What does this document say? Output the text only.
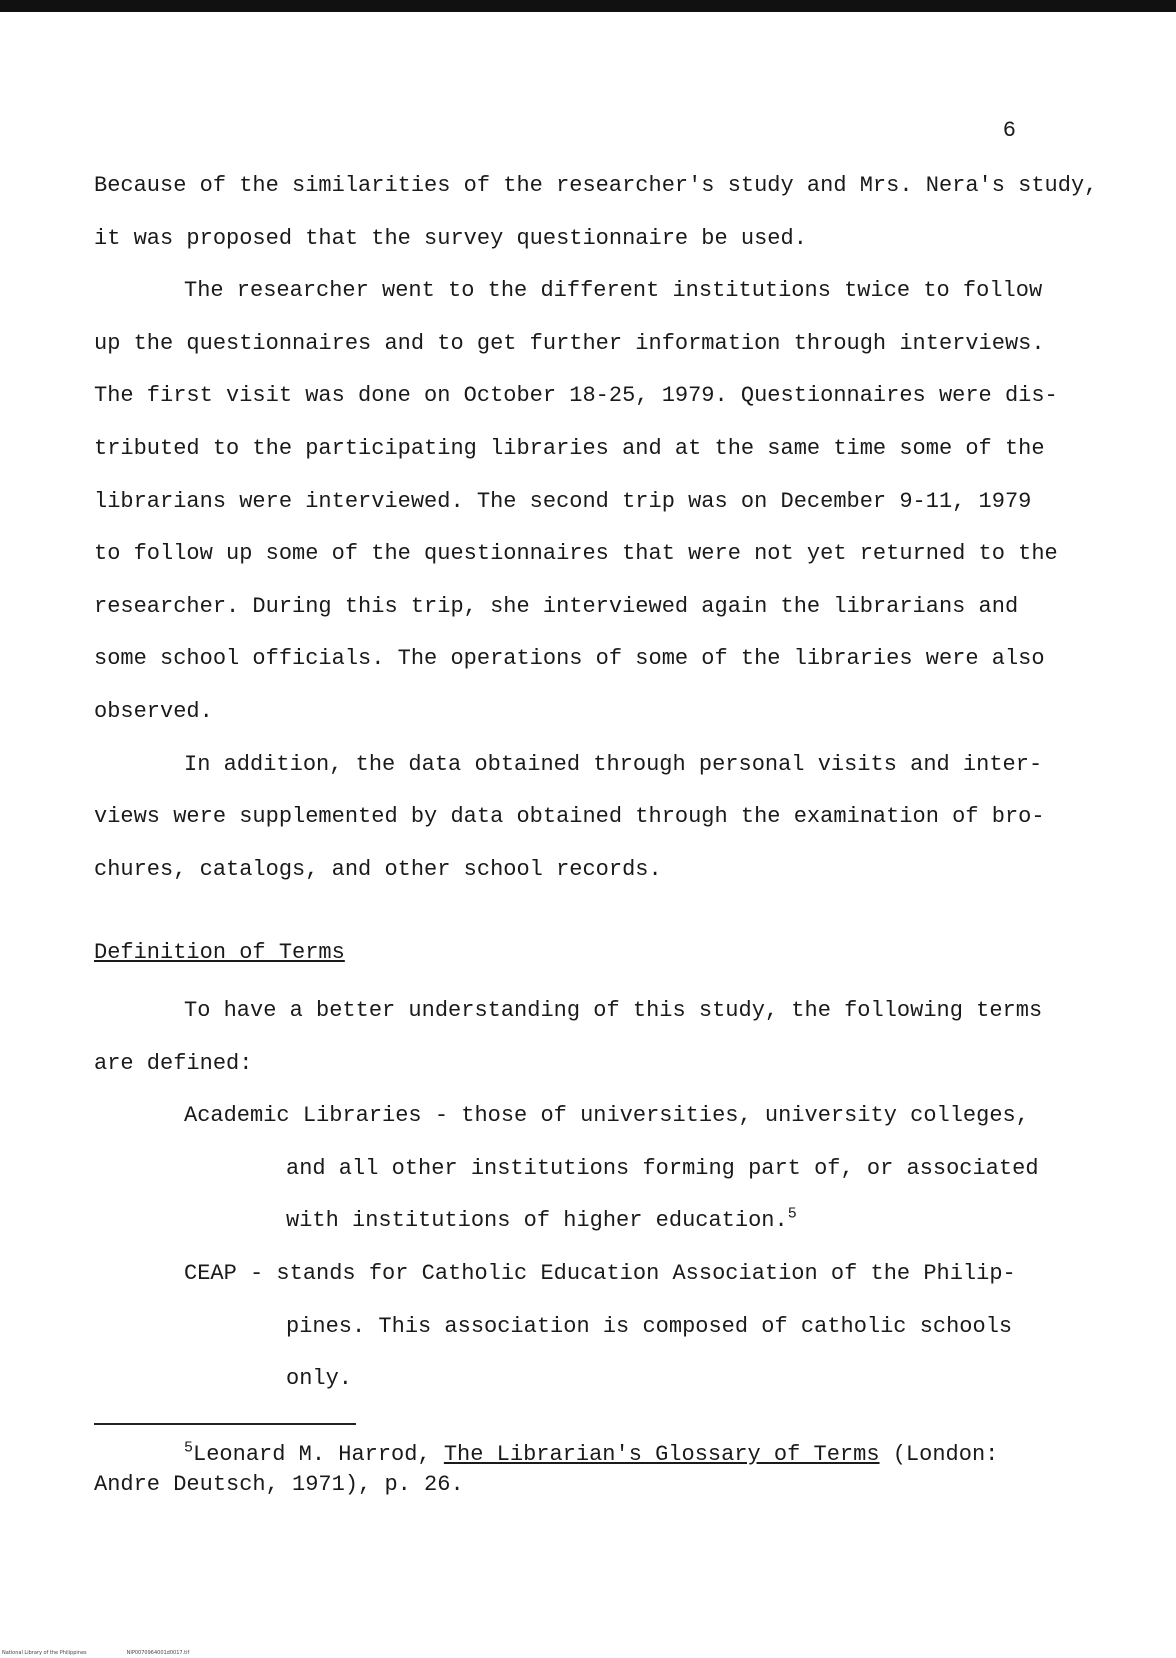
6
Because of the similarities of the researcher's study and Mrs. Nera's study,
it was proposed that the survey questionnaire be used.
The researcher went to the different institutions twice to follow
up the questionnaires and to get further information through interviews.
The first visit was done on October 18-25, 1979. Questionnaires were dis-
tributed to the participating libraries and at the same time some of the
librarians were interviewed. The second trip was on December 9-11, 1979
to follow up some of the questionnaires that were not yet returned to the
researcher. During this trip, she interviewed again the librarians and
some school officials. The operations of some of the libraries were also
observed.
In addition, the data obtained through personal visits and inter-
views were supplemented by data obtained through the examination of bro-
chures, catalogs, and other school records.
Definition of Terms
To have a better understanding of this study, the following terms
are defined:
Academic Libraries - those of universities, university colleges,
and all other institutions forming part of, or associated
with institutions of higher education.$^5$
CEAP - stands for Catholic Education Association of the Philip-
pines. This association is composed of catholic schools
only.
$^5$Leonard M. Harrod, The Librarian's Glossary of Terms (London:
Andre Deutsch, 1971), p. 26.
National Library of the Philippines	NIP0070964001d0017.tif
